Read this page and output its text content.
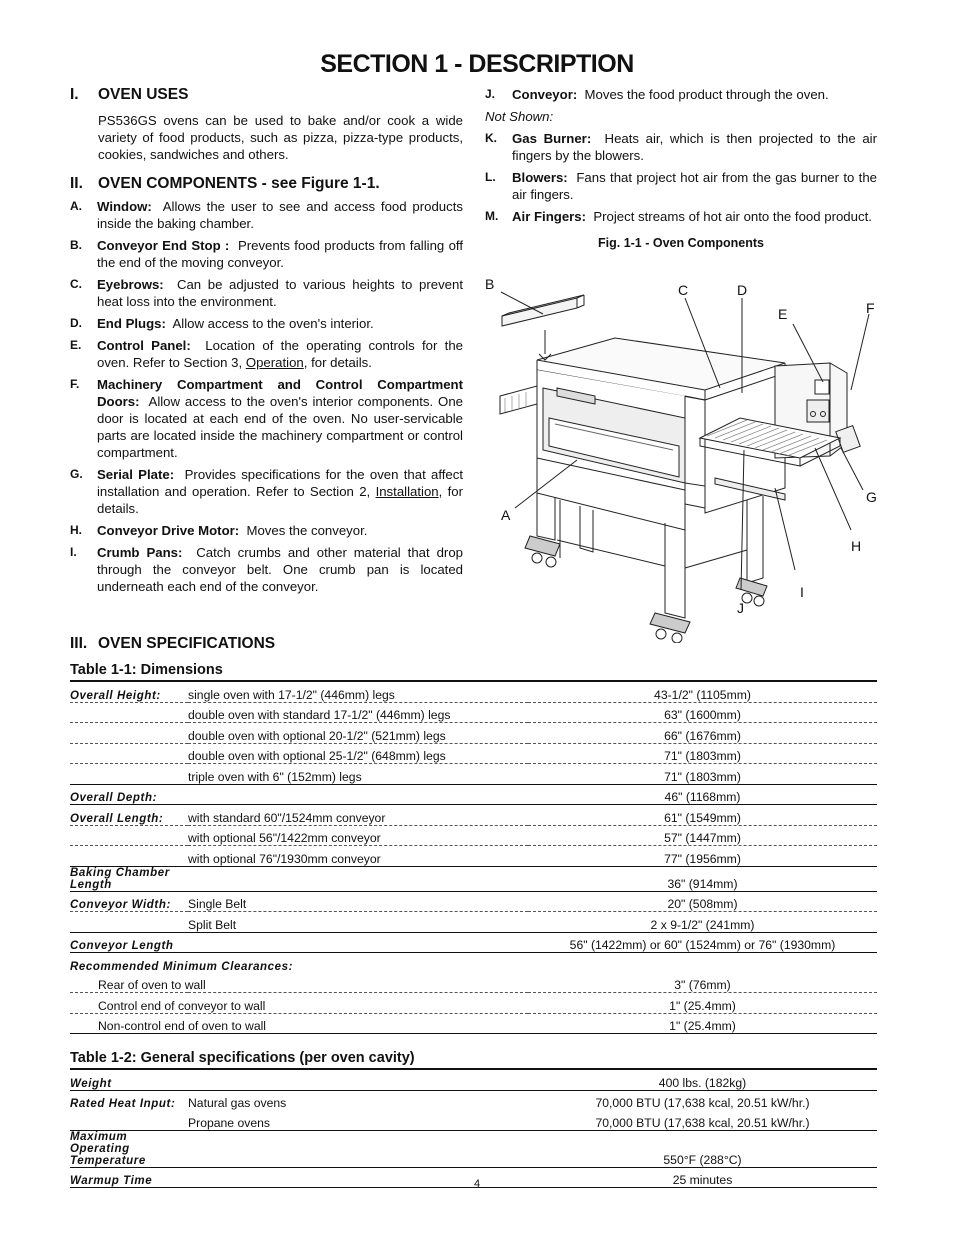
SECTION 1 - DESCRIPTION
I. OVEN USES
PS536GS ovens can be used to bake and/or cook a wide variety of food products, such as pizza, pizza-type products, cookies, sandwiches and others.
II. OVEN COMPONENTS - see Figure 1-1.
A.	Window: Allows the user to see and access food products inside the baking chamber.
B.	Conveyor End Stop : Prevents food products from falling off the end of the moving conveyor.
C.	Eyebrows: Can be adjusted to various heights to prevent heat loss into the environment.
D.	End Plugs: Allow access to the oven's interior.
E.	Control Panel: Location of the operating controls for the oven. Refer to Section 3, Operation, for details.
F.	Machinery Compartment and Control Compartment Doors: Allow access to the oven's interior components. One door is located at each end of the oven. No user-servicable parts are located inside the machinery compartment or control compartment.
G.	Serial Plate: Provides specifications for the oven that affect installation and operation. Refer to Section 2, Installation, for details.
H.	Conveyor Drive Motor: Moves the conveyor.
I.	Crumb Pans: Catch crumbs and other material that drop through the conveyor belt. One crumb pan is located underneath each end of the conveyor.
J.	Conveyor: Moves the food product through the oven.
Not Shown:
K.	Gas Burner: Heats air, which is then projected to the air fingers by the blowers.
L.	Blowers: Fans that project hot air from the gas burner to the air fingers.
M.	Air Fingers: Project streams of hot air onto the food product.
Fig. 1-1 - Oven Components
B	C	D
E	F
G
H
I
J
A
III. OVEN SPECIFICATIONS
Table 1-1: Dimensions
Overall Height:	single oven with 17-1/2" (446mm) legs	43-1/2" (1105mm)
	double oven with standard 17-1/2" (446mm) legs	63" (1600mm)
	double oven with optional 20-1/2" (521mm) legs	66" (1676mm)
	double oven with optional 25-1/2" (648mm) legs	71" (1803mm)
	triple oven with 6" (152mm) legs	71" (1803mm)
Overall Depth:		46" (1168mm)
Overall Length:	with standard 60"/1524mm conveyor	61" (1549mm)
	with optional 56"/1422mm conveyor	57" (1447mm)
	with optional 76"/1930mm conveyor	77" (1956mm)
Baking Chamber Length		36" (914mm)
Conveyor Width:	Single Belt	20" (508mm)
	Split Belt	2 x 9-1/2" (241mm)
Conveyor Length		56" (1422mm) or 60" (1524mm) or 76" (1930mm)
Recommended Minimum Clearances:		
Rear of oven to wall		3" (76mm)
Control end of conveyor to wall		1" (25.4mm)
Non-control end of oven to wall		1" (25.4mm)
Table 1-2: General specifications (per oven cavity)
Weight		400 lbs. (182kg)
Rated Heat Input:	Natural gas ovens	70,000 BTU (17,638 kcal, 20.51 kW/hr.)
	Propane ovens	70,000 BTU (17,638 kcal, 20.51 kW/hr.)
Maximum Operating Temperature		550°F (288°C)
Warmup Time		25 minutes
4
